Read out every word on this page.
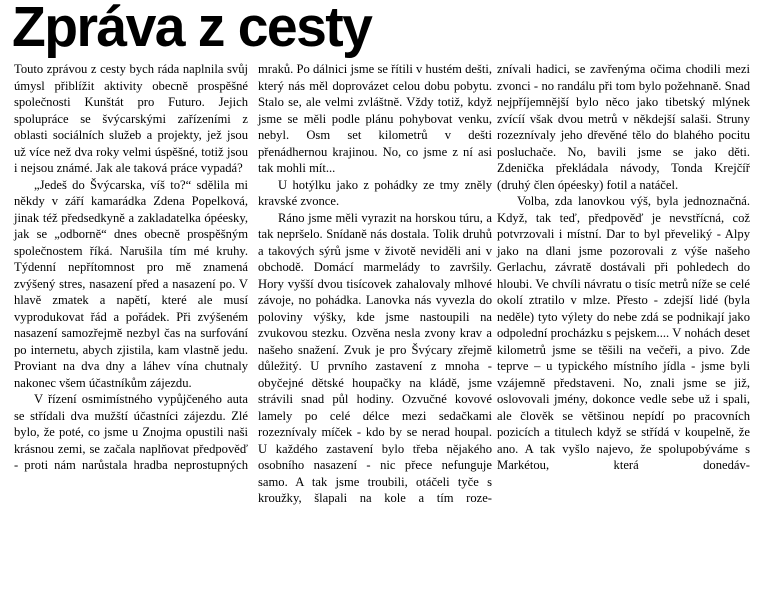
Zpráva z cesty

Touto zprávou z cesty bych ráda naplnila svůj úmysl přiblížit aktivity obecně prospěšné společnosti Kunštát pro Futuro. Jejich spolupráce se švýcarskými zařízeními z oblasti sociálních služeb a projekty, jež jsou už více než dva roky velmi úspěšné, totiž jsou i nejsou známé. Jak ale taková práce vypadá?

„Jedeš do Švýcarska, víš to?“ sdělila mi někdy v září kamarádka Zdena Popelková, jinak též předsedkyně a zakladatelka ópéesky, jak se „odborně“ dnes obecně prospěšným společnostem říká. Narušila tím mé kruhy. Týdenní nepřítomnost pro mě znamená zvýšený stres, nasazení před a nasazení po. V hlavě zmatek a napětí, které ale musí vyprodukovat řád a pořádek. Při zvýšeném nasazení samozřejmě nezbyl čas na surfování po internetu, abych zjistila, kam vlastně jedu. Proviant na dva dny a láhev vína chutnaly nakonec všem účastníkům zájezdu.

V řízení osmimístného vypůjčeného auta se střídali dva mužští účastníci zájezdu. Zlé bylo, že poté, co jsme u Znojma opustili naši krásnou zemi, se začala naplňovat předpověď - proti nám narůstala hradba neprostupných

mraků. Po dálnici jsme se řítili v hustém dešti, který nás měl doprovázet celou dobu pobytu. Stalo se, ale velmi zvláštně. Vždy totiž, když jsme se měli podle plánu pohybovat venku, nebyl. Osm set kilometrů v dešti přenádhernou krajinou. No, co jsme z ní asi tak mohli mít...

U hotýlku jako z pohádky ze tmy zněly kravské zvonce.

Ráno jsme měli vyrazit na horskou túru, a tak nepršelo. Snídaně nás dostala. Tolik druhů a takových sýrů jsme v životě neviděli ani v obchodě. Domácí marmelády to završily. Hory vyšší dvou tisícovek zahalovaly mlhové závoje, no pohádka. Lanovka nás vyvezla do poloviny výšky, kde jsme nastoupili na zvukovou stezku. Ozvěna nesla zvony krav a našeho snažení. Zvuk je pro Švýcary zřejmě důležitý. U prvního zastavení z mnoha - obyčejné dětské houpačky na kládě, jsme strávili snad půl hodiny. Ozvučné kovové lamely po celé délce mezi sedačkami rozeznívaly míček - kdo by se nerad houpal. U každého zastavení bylo třeba nějakého osobního nasazení - nic přece nefunguje samo. A tak jsme troubili, otáčeli tyče s kroužky, šlapali na kole a tím roze-

znívali hadici, se zavřenýma očima chodili mezi zvonci - no randálu při tom bylo požehnaně. Snad nejpříjemnější bylo něco jako tibetský mlýnek zvícíí však dvou metrů v někdejší salaši. Struny rozeznívaly jeho dřevěné tělo do blahého pocitu posluchače. No, bavili jsme se jako děti. Zdenička překládala návody, Tonda Krejčíř (druhý člen ópéesky) fotil a natáčel.

Volba, zda lanovkou výš, byla jednoznačná. Když, tak teď, předpověď je nevstřícná, což potvrzovali i místní. Dar to byl převeliký - Alpy jako na dlani jsme pozorovali z výše našeho Gerlachu, závratě dostávali při pohledech do hloubi. Ve chvíli návratu o tisíc metrů níže se celé okolí ztratilo v mlze. Přesto - zdejší lidé (byla neděle) tyto výlety do nebe zdá se podnikají jako odpolední procházku s pejskem.... V nohách deset kilometrů jsme se těšili na večeři, a pivo. Zde teprve – u typického místního jídla - jsme byli vzájemně představeni. No, znali jsme se již, oslovovali jmény, dokonce vedle sebe už i spali, ale člověk se většinou nepídí po pracovních pozicích a titulech když se střídá v koupelně, že ano. A tak vyšlo najevo, že spolupobýváme s Markétou, která donedáv-
